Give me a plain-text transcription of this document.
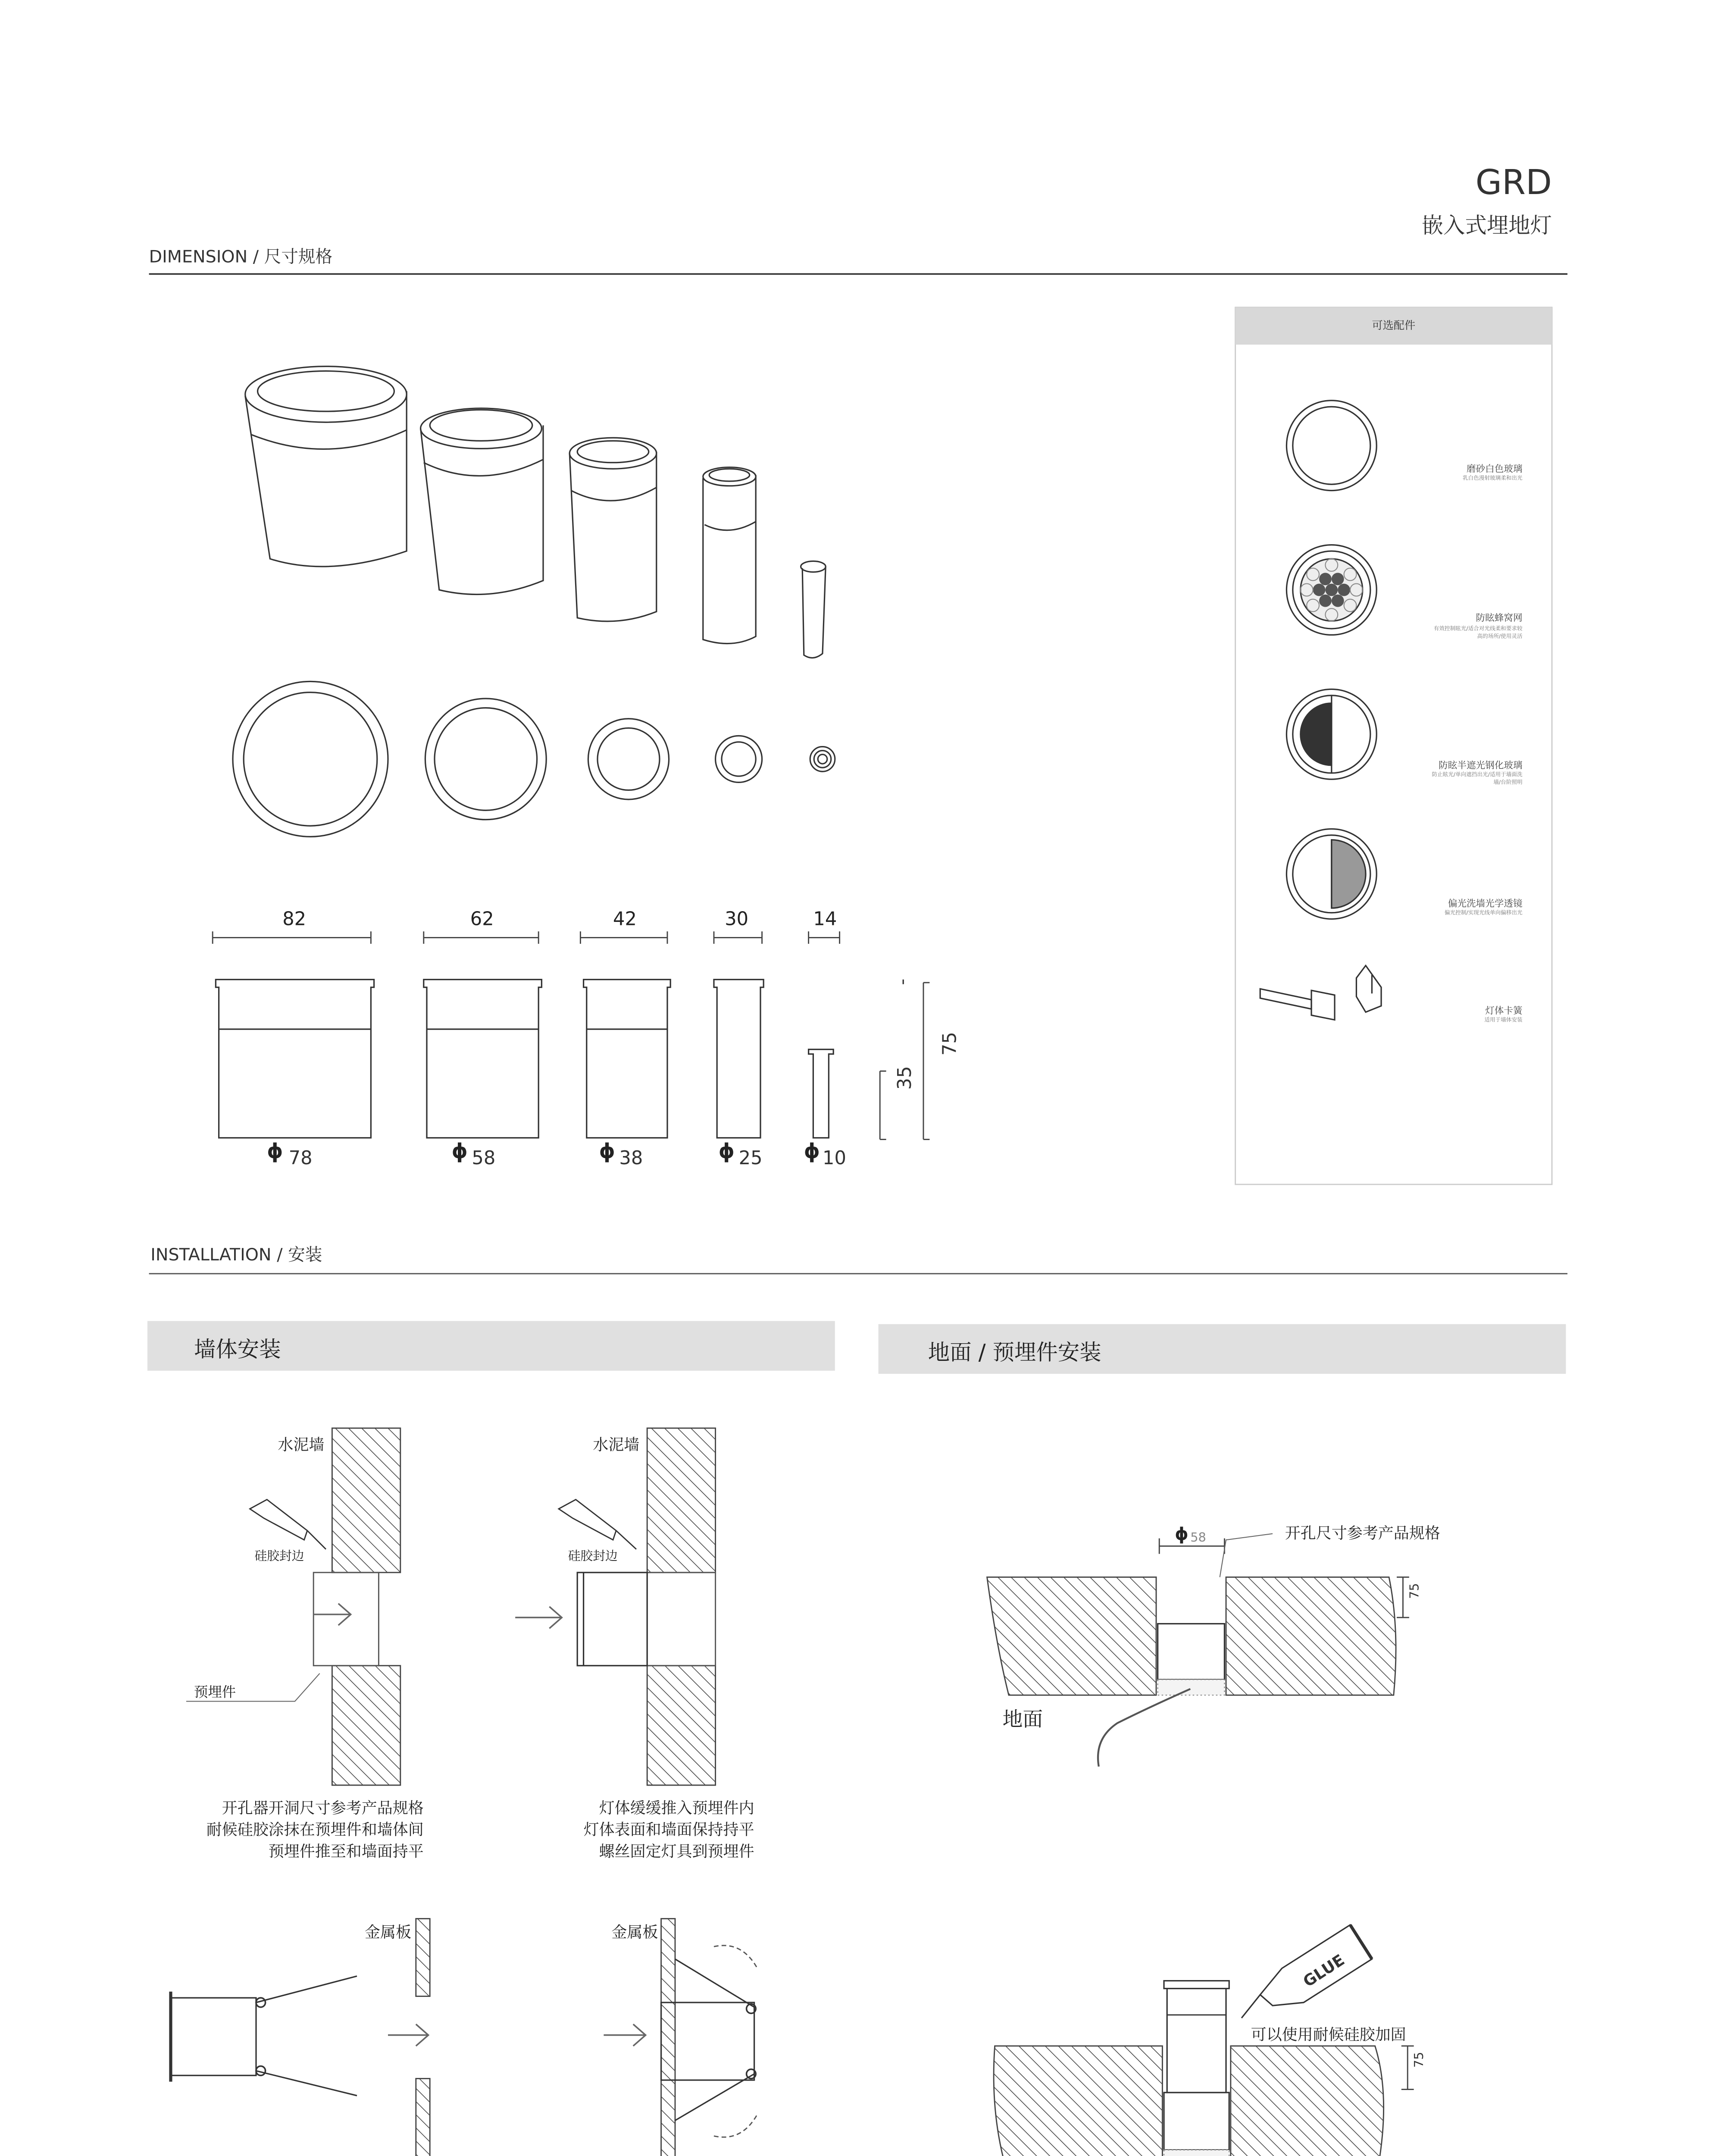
78	58	38	25	10
35
75
58
75
75
GLUE
ϕ	ϕ	ϕ	ϕ	ϕ
ϕ
GRD
嵌入式埋地灯
DIMENSION / 尺寸规格
82	62	42	30	14
可选配件
磨砂白色玻璃
乳白色漫射玻璃柔和出光
防眩蜂窝网
有效控制眩光/适合对光线柔和要求较高的场所/使用灵活
防眩半遮光钢化玻璃
防止眩光/单向遮挡出光/适用于墙面洗墙/台阶照明
偏光洗墙光学透镜
偏光控制/实现光线单向偏移出光
灯体卡簧
适用于墙体安装
INSTALLATION / 安装
墙体安装	地面 / 预埋件安装
水泥墙	水泥墙
硅胶封边	硅胶封边
预埋件
金属板	金属板
开孔器开洞尺寸参考产品规格
耐候硅胶涂抹在预埋件和墙体间
预埋件推至和墙面持平
灯体缓缓推入预埋件内
灯体表面和墙面保持持平
螺丝固定灯具到预埋件
开孔尺寸参考产品规格
地面
可以使用耐候硅胶加固
